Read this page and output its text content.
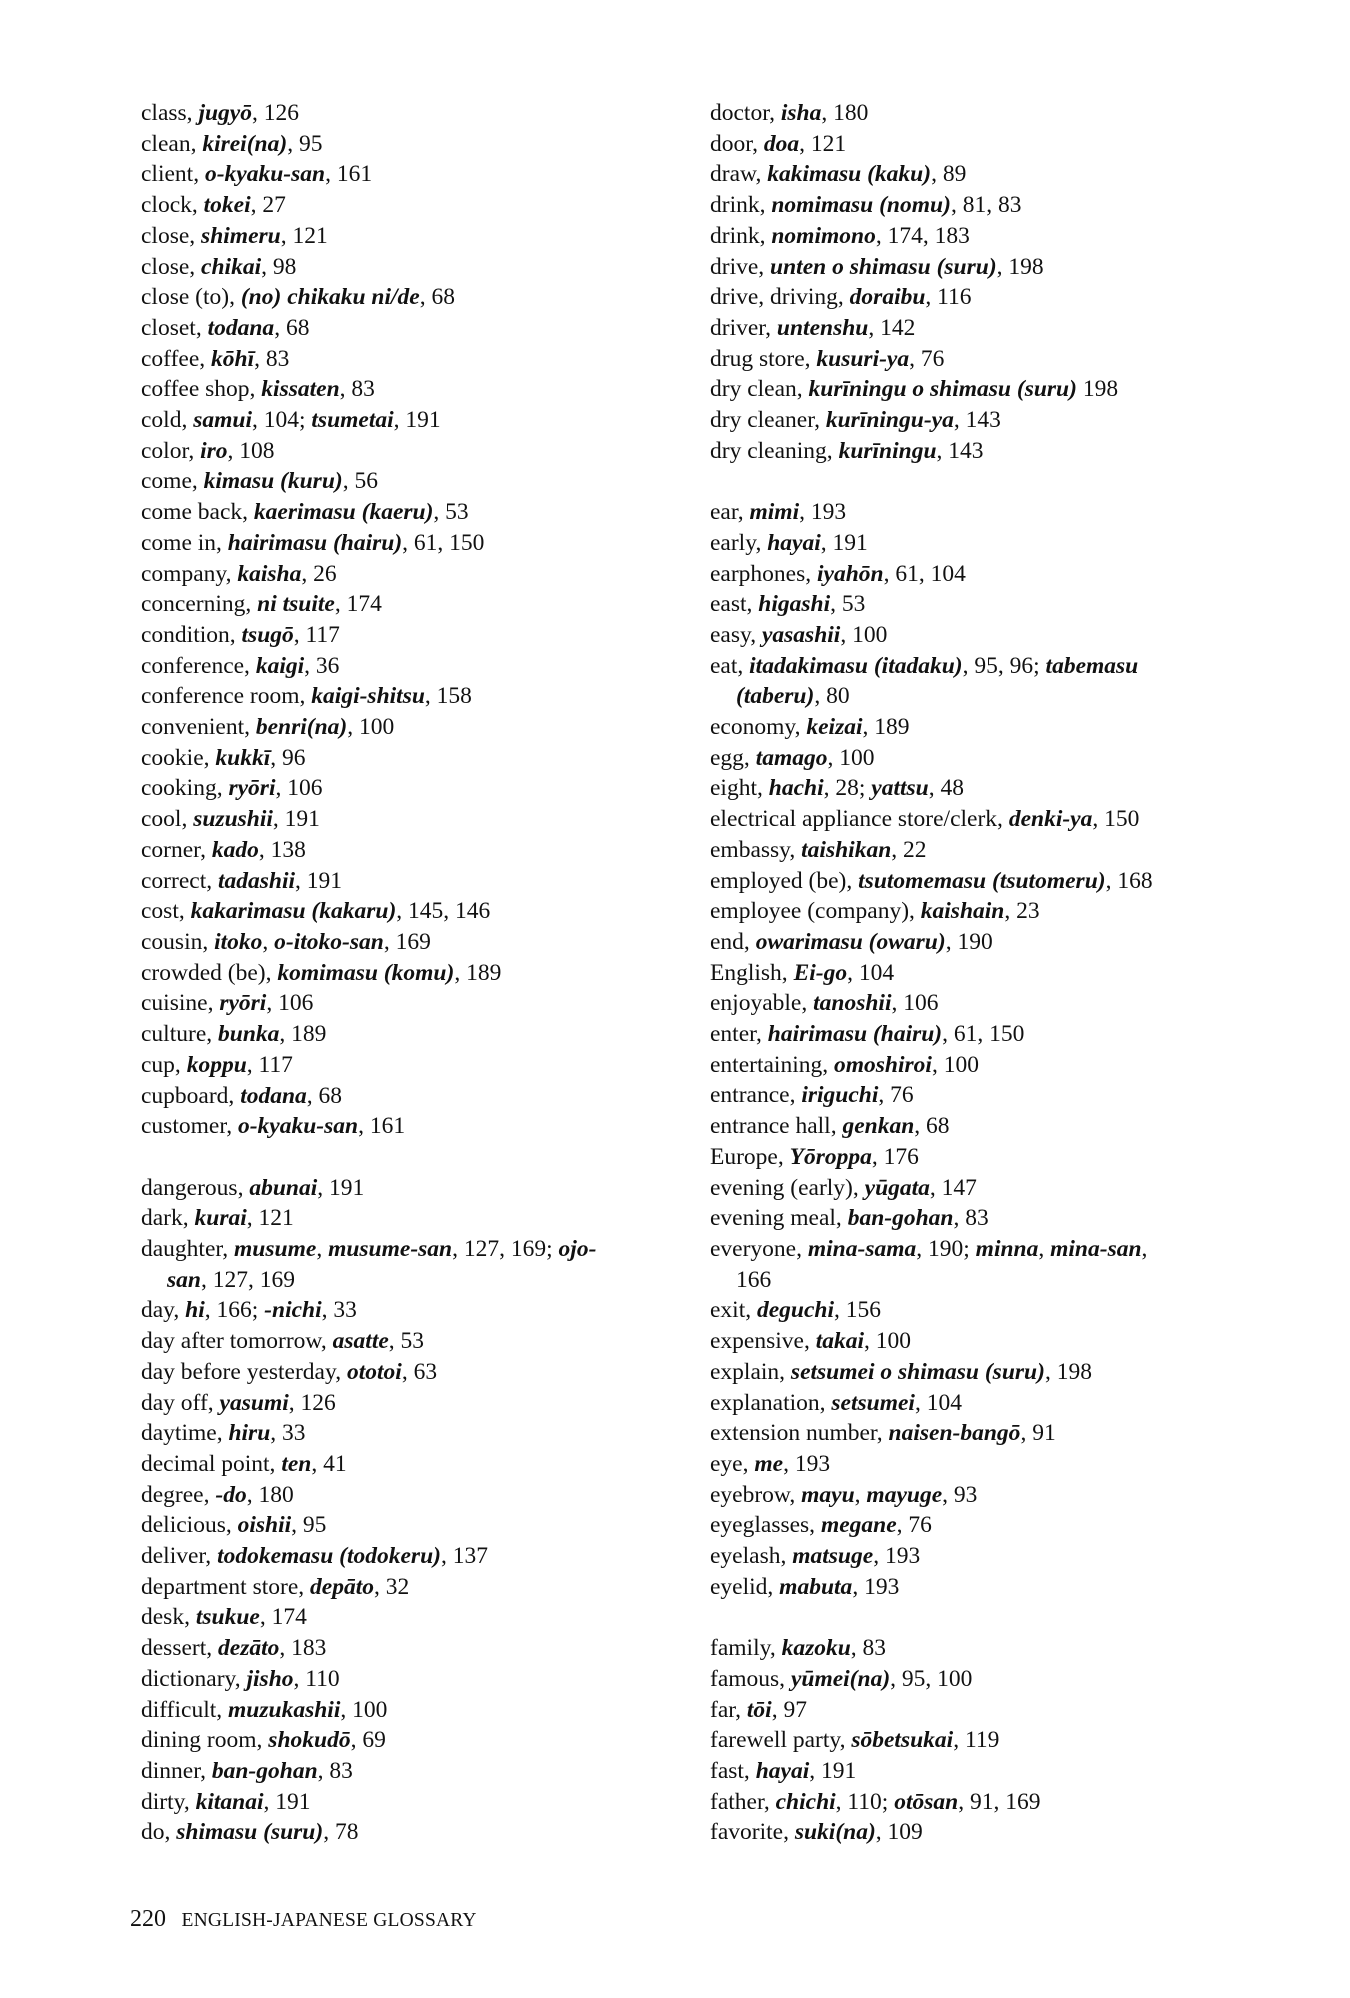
class, jugyō, 126
clean, kirei(na), 95
client, o-kyaku-san, 161
clock, tokei, 27
close, shimeru, 121
close, chikai, 98
close (to), (no) chikaku ni/de, 68
closet, todana, 68
coffee, kōhī, 83
coffee shop, kissaten, 83
cold, samui, 104; tsumetai, 191
color, iro, 108
come, kimasu (kuru), 56
come back, kaerimasu (kaeru), 53
come in, hairimasu (hairu), 61, 150
company, kaisha, 26
concerning, ni tsuite, 174
condition, tsugō, 117
conference, kaigi, 36
conference room, kaigi-shitsu, 158
convenient, benri(na), 100
cookie, kukkī, 96
cooking, ryōri, 106
cool, suzushii, 191
corner, kado, 138
correct, tadashii, 191
cost, kakarimasu (kakaru), 145, 146
cousin, itoko, o-itoko-san, 169
crowded (be), komimasu (komu), 189
cuisine, ryōri, 106
culture, bunka, 189
cup, koppu, 117
cupboard, todana, 68
customer, o-kyaku-san, 161
dangerous, abunai, 191
dark, kurai, 121
daughter, musume, musume-san, 127, 169; ojo-
san, 127, 169
day, hi, 166; -nichi, 33
day after tomorrow, asatte, 53
day before yesterday, ototoi, 63
day off, yasumi, 126
daytime, hiru, 33
decimal point, ten, 41
degree, -do, 180
delicious, oishii, 95
deliver, todokemasu (todokeru), 137
department store, depāto, 32
desk, tsukue, 174
dessert, dezāto, 183
dictionary, jisho, 110
difficult, muzukashii, 100
dining room, shokudō, 69
dinner, ban-gohan, 83
dirty, kitanai, 191
do, shimasu (suru), 78
doctor, isha, 180
door, doa, 121
draw, kakimasu (kaku), 89
drink, nomimasu (nomu), 81, 83
drink, nomimono, 174, 183
drive, unten o shimasu (suru), 198
drive, driving, doraibu, 116
driver, untenshu, 142
drug store, kusuri-ya, 76
dry clean, kurīningu o shimasu (suru) 198
dry cleaner, kurīningu-ya, 143
dry cleaning, kurīningu, 143
ear, mimi, 193
early, hayai, 191
earphones, iyahōn, 61, 104
east, higashi, 53
easy, yasashii, 100
eat, itadakimasu (itadaku), 95, 96; tabemasu
(taberu), 80
economy, keizai, 189
egg, tamago, 100
eight, hachi, 28; yattsu, 48
electrical appliance store/clerk, denki-ya, 150
embassy, taishikan, 22
employed (be), tsutomemasu (tsutomeru), 168
employee (company), kaishain, 23
end, owarimasu (owaru), 190
English, Ei-go, 104
enjoyable, tanoshii, 106
enter, hairimasu (hairu), 61, 150
entertaining, omoshiroi, 100
entrance, iriguchi, 76
entrance hall, genkan, 68
Europe, Yōroppa, 176
evening (early), yūgata, 147
evening meal, ban-gohan, 83
everyone, mina-sama, 190; minna, mina-san,
166
exit, deguchi, 156
expensive, takai, 100
explain, setsumei o shimasu (suru), 198
explanation, setsumei, 104
extension number, naisen-bangō, 91
eye, me, 193
eyebrow, mayu, mayuge, 93
eyeglasses, megane, 76
eyelash, matsuge, 193
eyelid, mabuta, 193
family, kazoku, 83
famous, yūmei(na), 95, 100
far, tōi, 97
farewell party, sōbetsukai, 119
fast, hayai, 191
father, chichi, 110; otōsan, 91, 169
favorite, suki(na), 109
220 ENGLISH-JAPANESE GLOSSARY
